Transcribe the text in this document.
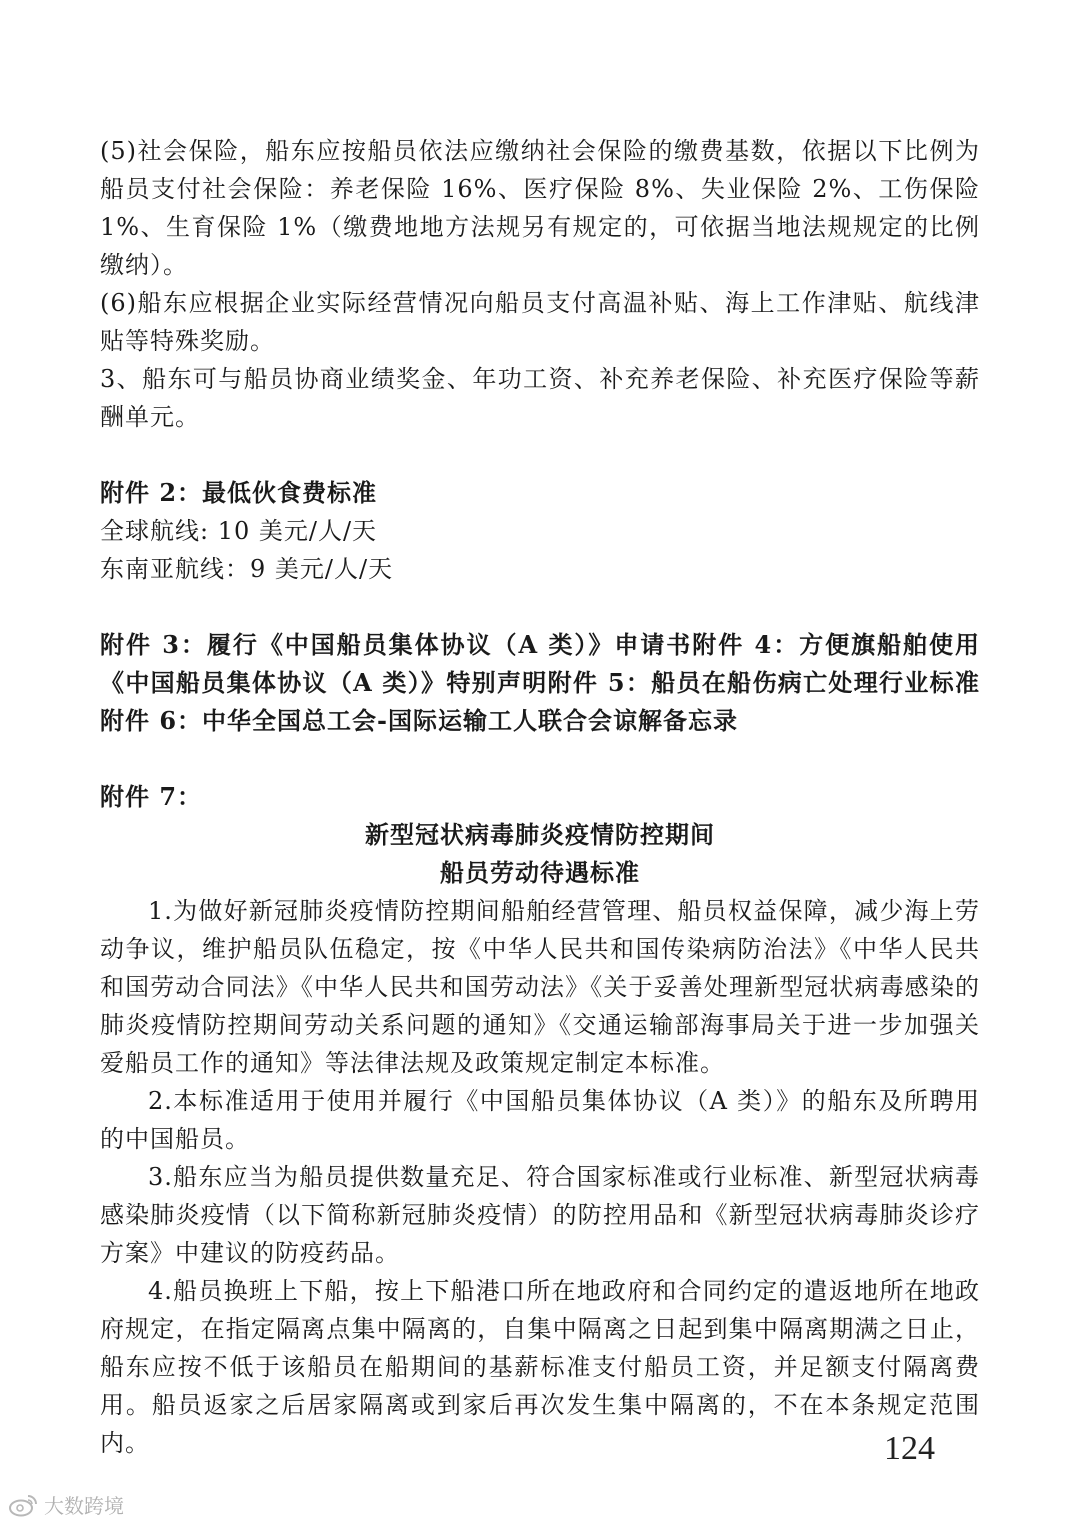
(5)社会保险，船东应按船员依法应缴纳社会保险的缴费基数，依据以下比例为船员支付社会保险：养老保险 16%、医疗保险 8%、失业保险 2%、工伤保险 1%、生育保险 1%（缴费地地方法规另有规定的，可依据当地法规规定的比例缴纳）。

(6)船东应根据企业实际经营情况向船员支付高温补贴、海上工作津贴、航线津贴等特殊奖励。

3、船东可与船员协商业绩奖金、年功工资、补充养老保险、补充医疗保险等薪酬单元。

附件 2：最低伙食费标准

全球航线: 10 美元/人/天

东南亚航线：9 美元/人/天

附件 3：履行《中国船员集体协议（A 类）》申请书附件 4：方便旗船舶使用《中国船员集体协议（A 类）》特别声明附件 5：船员在船伤病亡处理行业标准附件 6：中华全国总工会-国际运输工人联合会谅解备忘录

附件 7：

新型冠状病毒肺炎疫情防控期间

船员劳动待遇标准

1.为做好新冠肺炎疫情防控期间船舶经营管理、船员权益保障，减少海上劳动争议，维护船员队伍稳定，按《中华人民共和国传染病防治法》《中华人民共和国劳动合同法》《中华人民共和国劳动法》《关于妥善处理新型冠状病毒感染的肺炎疫情防控期间劳动关系问题的通知》《交通运输部海事局关于进一步加强关爱船员工作的通知》等法律法规及政策规定制定本标准。

2.本标准适用于使用并履行《中国船员集体协议（A 类）》的船东及所聘用的中国船员。

3.船东应当为船员提供数量充足、符合国家标准或行业标准、新型冠状病毒感染肺炎疫情（以下简称新冠肺炎疫情）的防控用品和《新型冠状病毒肺炎诊疗方案》中建议的防疫药品。

4.船员换班上下船，按上下船港口所在地政府和合同约定的遣返地所在地政府规定，在指定隔离点集中隔离的，自集中隔离之日起到集中隔离期满之日止，船东应按不低于该船员在船期间的基薪标准支付船员工资，并足额支付隔离费用。船员返家之后居家隔离或到家后再次发生集中隔离的，不在本条规定范围内。	124
大数跨境
